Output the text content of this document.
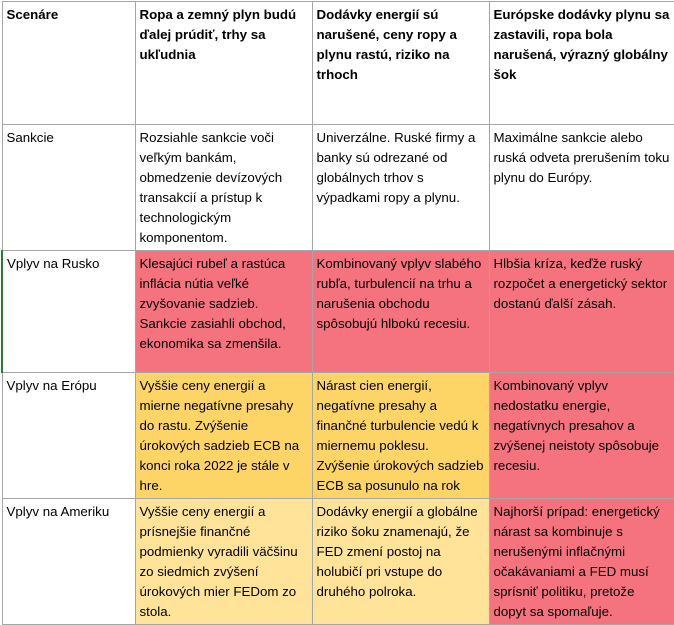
Scenáre	Ropa a zemný plyn budú ďalej prúdiť, trhy sa ukľudnia	Dodávky energií sú narušené, ceny ropy a plynu rastú, riziko na trhoch	Európske dodávky plynu sa zastavili, ropa bola narušená, výrazný globálny šok
Sankcie	Rozsiahle sankcie voči veľkým bankám, obmedzenie devízových transakcií a prístup k technologickým komponentom.	Univerzálne. Ruské firmy a banky sú odrezané od globálnych trhov s výpadkami ropy a plynu.	Maximálne sankcie alebo ruská odveta prerušením toku plynu do Európy.
Vplyv na Rusko	Klesajúci rubeľ a rastúca inflácia nútia veľké zvyšovanie sadzieb. Sankcie zasiahli obchod, ekonomika sa zmenšila.	Kombinovaný vplyv slabého rubľa, turbulencií na trhu a narušenia obchodu spôsobujú hlbokú recesiu.	Hlbšia kríza, keďže ruský rozpočet a energetický sektor dostanú ďalší zásah.
Vplyv na Erópu	Vyššie ceny energií a mierne negatívne presahy do rastu. Zvýšenie úrokových sadzieb ECB na konci roka 2022 je stále v hre.	Nárast cien energií, negatívne presahy a finančné turbulencie vedú k miernemu poklesu. Zvýšenie úrokových sadzieb ECB sa posunulo na rok	Kombinovaný vplyv nedostatku energie, negatívnych presahov a zvýšenej neistoty spôsobuje recesiu.
Vplyv na Ameriku	Vyššie ceny energií a prísnejšie finančné podmienky vyradili väčšinu zo siedmich zvýšení úrokových mier FEDom zo stola.	Dodávky energií a globálne riziko šoku znamenajú, že FED zmení postoj na holubičí pri vstupe do druhého polroka.	Najhorší prípad: energetický nárast sa kombinuje s nerušenými inflačnými očakávaniami a FED musí sprísniť politiku, pretože dopyt sa spomaľuje.
